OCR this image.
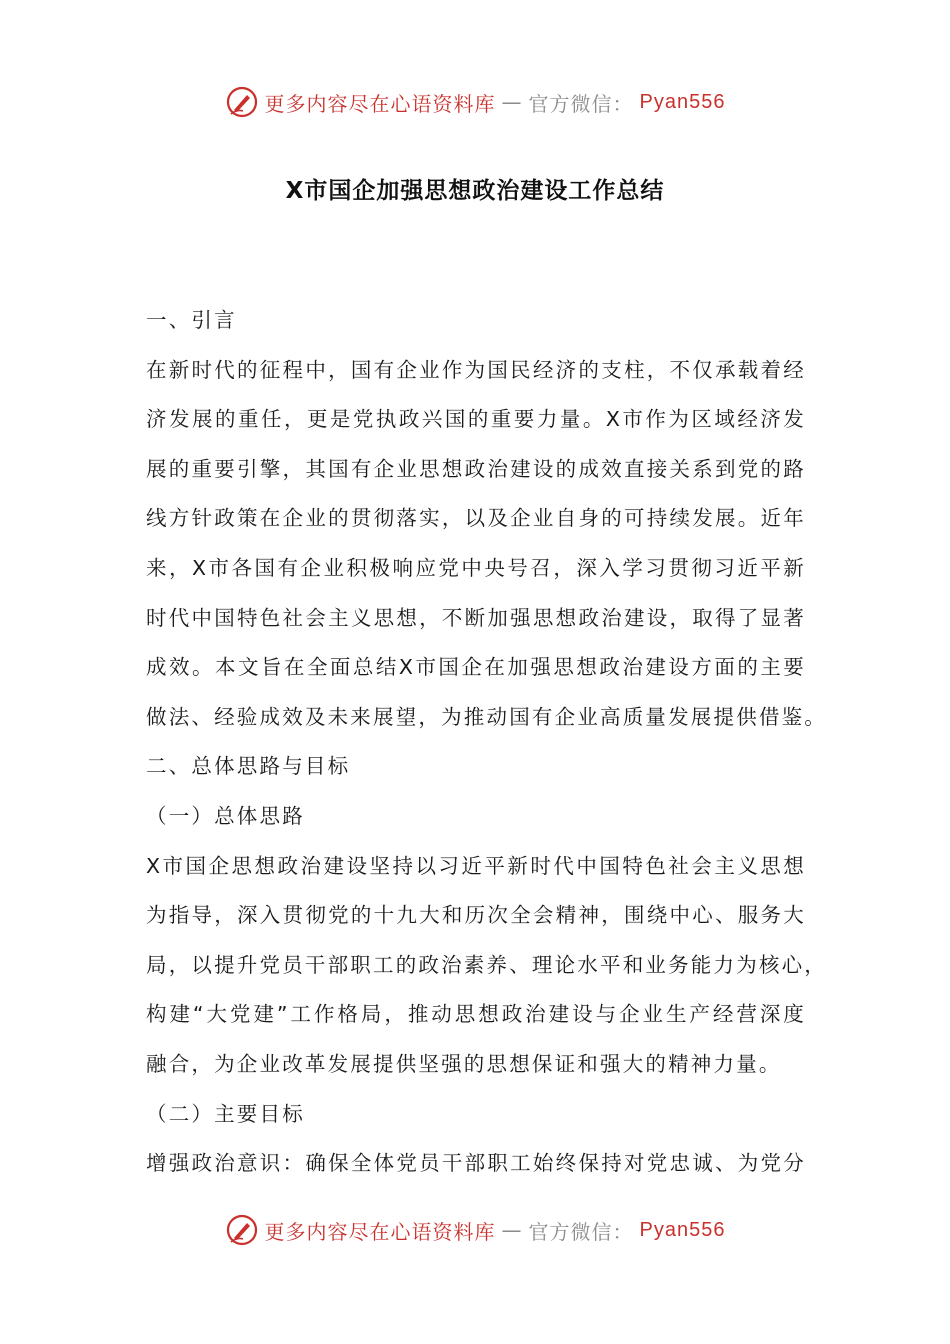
更多内容尽在心语资料库 — 官方微信： Pyan556
X市国企加强思想政治建设工作总结
一、引言
在新时代的征程中，国有企业作为国民经济的支柱，不仅承载着经
济发展的重任，更是党执政兴国的重要力量。X市作为区域经济发
展的重要引擎，其国有企业思想政治建设的成效直接关系到党的路
线方针政策在企业的贯彻落实，以及企业自身的可持续发展。近年
来，X市各国有企业积极响应党中央号召，深入学习贯彻习近平新
时代中国特色社会主义思想，不断加强思想政治建设，取得了显著
成效。本文旨在全面总结X市国企在加强思想政治建设方面的主要
做法、经验成效及未来展望，为推动国有企业高质量发展提供借鉴。
二、总体思路与目标
（一）总体思路
X市国企思想政治建设坚持以习近平新时代中国特色社会主义思想
为指导，深入贯彻党的十九大和历次全会精神，围绕中心、服务大
局，以提升党员干部职工的政治素养、理论水平和业务能力为核心，
构建“大党建”工作格局，推动思想政治建设与企业生产经营深度
融合，为企业改革发展提供坚强的思想保证和强大的精神力量。
（二）主要目标
增强政治意识：确保全体党员干部职工始终保持对党忠诚、为党分
更多内容尽在心语资料库 — 官方微信： Pyan556
